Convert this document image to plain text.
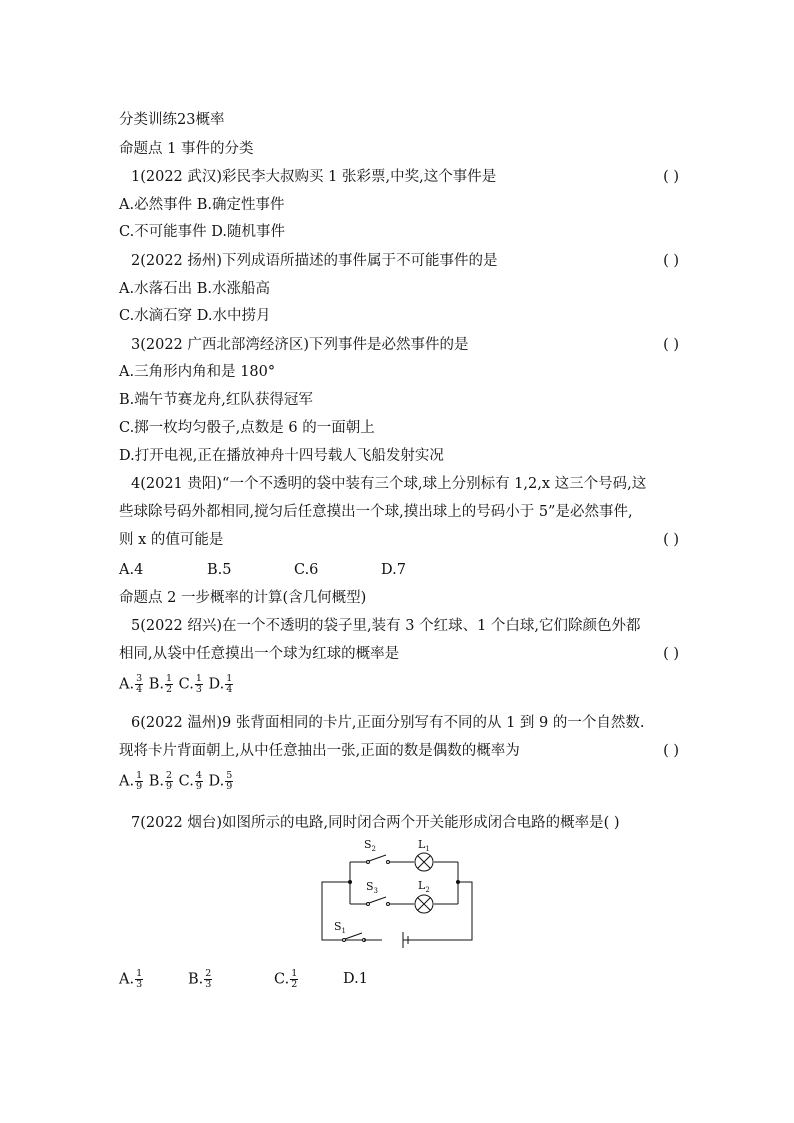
分类训练23概率
命题点 1 事件的分类
1(2022 武汉)彩民李大叔购买 1 张彩票,中奖,这个事件是	( )
A.必然事件 B.确定性事件
C.不可能事件 D.随机事件
2(2022 扬州)下列成语所描述的事件属于不可能事件的是	( )
A.水落石出 B.水涨船高
C.水滴石穿 D.水中捞月
3(2022 广西北部湾经济区)下列事件是必然事件的是	( )
A.三角形内角和是 180°
B.端午节赛龙舟,红队获得冠军
C.掷一枚均匀骰子,点数是 6 的一面朝上
D.打开电视,正在播放神舟十四号载人飞船发射实况
4(2021 贵阳)“一个不透明的袋中装有三个球,球上分别标有 1,2,x 这三个号码,这
些球除号码外都相同,搅匀后任意摸出一个球,摸出球上的号码小于 5”是必然事件,
则 x 的值可能是	( )
A.4	B.5	C.6	D.7
命题点 2 一步概率的计算(含几何概型)
5(2022 绍兴)在一个不透明的袋子里,装有 3 个红球、1 个白球,它们除颜色外都
相同,从袋中任意摸出一个球为红球的概率是	( )
A. $\frac{3}{4} B$. $\frac{1}{2} C$. $\frac{1}{3} D$. $\frac{1}{4}$
6(2022 温州)9 张背面相同的卡片,正面分别写有不同的从 1 到 9 的一个自然数.
现将卡片背面朝上,从中任意抽出一张,正面的数是偶数的概率为	( )
A. $\frac{1}{9} B$. $\frac{2}{9} C$. $\frac{4}{9} D$. $\frac{5}{9}$
7(2022 烟台)如图所示的电路,同时闭合两个开关能形成闭合电路的概率是( )
$S_2$	$L_1$
$S_3$	$L_2$
$S_1$
A. $\frac{1}{3}$	B. $\frac{2}{3}$	C. $\frac{1}{2}$	D.1
